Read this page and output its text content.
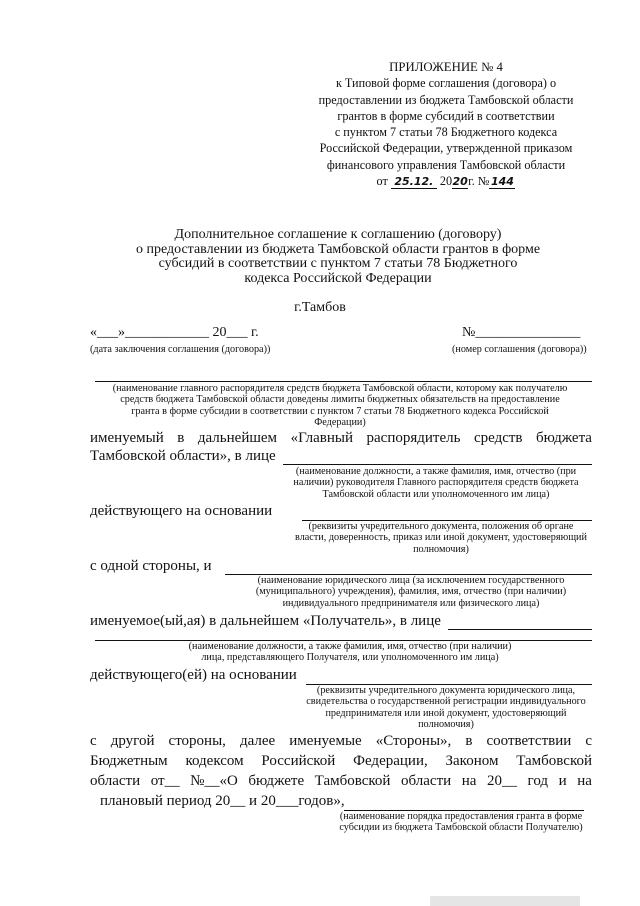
ПРИЛОЖЕНИЕ № 4
к Типовой форме соглашения (договора) о
предоставлении из бюджета Тамбовской области
грантов в форме субсидий в соответствии
с пунктом 7 статьи 78 Бюджетного кодекса
Российской Федерации, утвержденной приказом
финансового управления Тамбовской области
от 25.12. 2020г. № 144
Дополнительное соглашение к соглашению (договору)
о предоставлении из бюджета Тамбовской области грантов в форме
субсидий в соответствии с пунктом 7 статьи 78 Бюджетного
кодекса Российской Федерации
г.Тамбов
«___»____________ 20___ г.
(дата заключения соглашения (договора))
№_______________
(номер соглашения (договора))
(наименование главного распорядителя средств бюджета Тамбовской области, которому как получателю
средств бюджета Тамбовской области доведены лимиты бюджетных обязательств на предоставление
гранта в форме субсидии в соответствии с пунктом 7 статьи 78 Бюджетного кодекса Российской
Федерации)
именуемый в дальнейшем «Главный распорядитель средств бюджета
Тамбовской области», в лице
(наименование должности, а также фамилия, имя, отчество (при
наличии) руководителя Главного распорядителя средств бюджета
Тамбовской области или уполномоченного им лица)
действующего на основании
(реквизиты учредительного документа, положения об органе
власти, доверенность, приказ или иной документ, удостоверяющий
полномочия)
с одной стороны, и
(наименование юридического лица (за исключением государственного
(муниципального) учреждения), фамилия, имя, отчество (при наличии)
индивидуального предпринимателя или физического лица)
именуемое(ый,ая) в дальнейшем «Получатель», в лице
(наименование должности, а также фамилия, имя, отчество (при наличии)
лица, представляющего Получателя, или уполномоченного им лица)
действующего(ей) на основании
(реквизиты учредительного документа юридического лица,
свидетельства о государственной регистрации индивидуального
предпринимателя или иной документ, удостоверяющий
полномочия)
с другой стороны, далее именуемые «Стороны», в соответствии с
Бюджетным кодексом Российской Федерации, Законом Тамбовской
области от__ №__«О бюджете Тамбовской области на 20__ год и на
плановый период 20__ и 20___годов»,
(наименование порядка предоставления гранта в форме
субсидии из бюджета Тамбовской области Получателю)
